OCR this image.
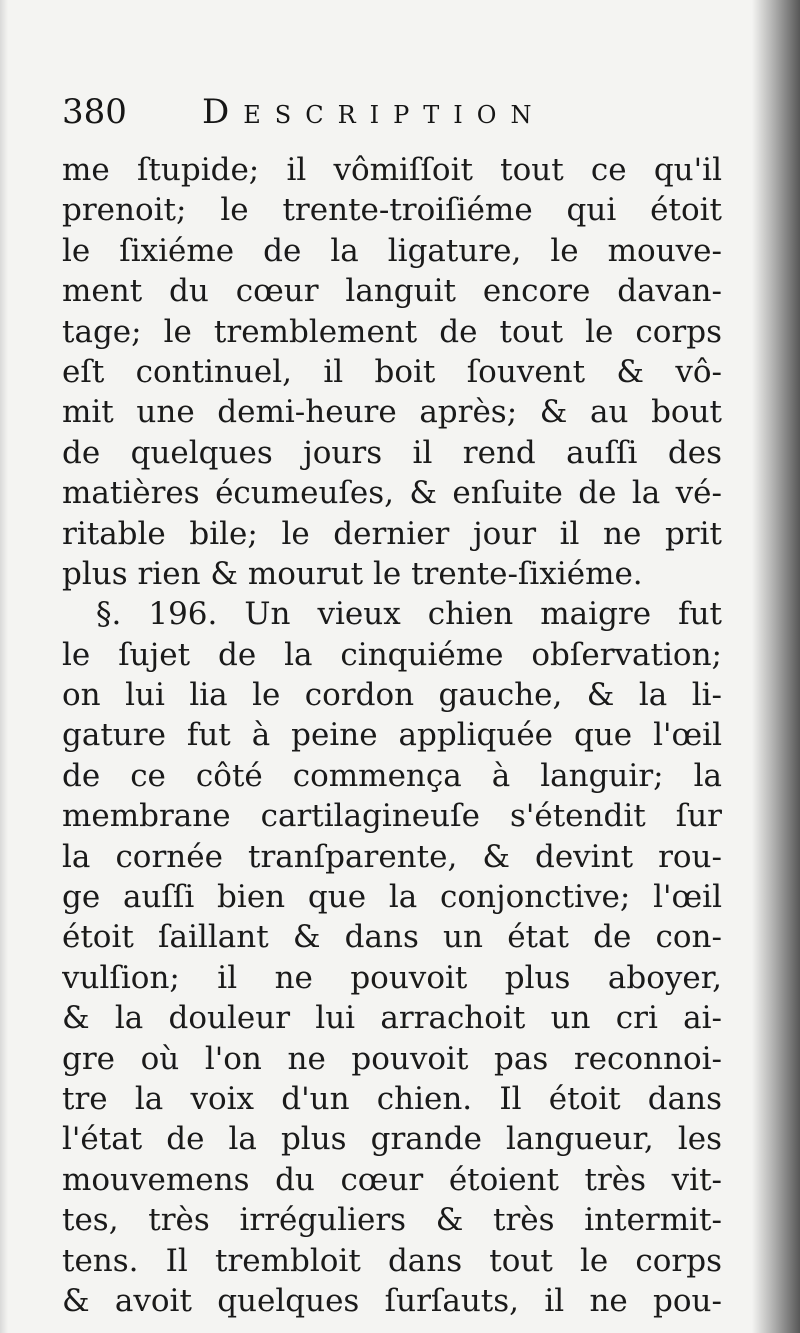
380 Description
me ſtupide; il vômiſſoit tout ce qu'il
prenoit; le trente-troiſiéme qui étoit
le ſixiéme de la ligature, le mouve-
ment du cœur languit encore davan-
tage; le tremblement de tout le corps
eſt continuel, il boit ſouvent & vô-
mit une demi-heure après; & au bout
de quelques jours il rend auſſi des
matières écumeuſes, & enſuite de la vé-
ritable bile; le dernier jour il ne prit
plus rien & mourut le trente-ſixiéme.
§. 196. Un vieux chien maigre fut
le ſujet de la cinquiéme obſervation;
on lui lia le cordon gauche, & la li-
gature fut à peine appliquée que l'œil
de ce côté commença à languir; la
membrane cartilagineuſe s'étendit ſur
la cornée tranſparente, & devint rou-
ge auſſi bien que la conjonctive; l'œil
étoit ſaillant & dans un état de con-
vulſion; il ne pouvoit plus aboyer,
& la douleur lui arrachoit un cri ai-
gre où l'on ne pouvoit pas reconnoi-
tre la voix d'un chien. Il étoit dans
l'état de la plus grande langueur, les
mouvemens du cœur étoient très vit-
tes, très irréguliers & très intermit-
tens. Il trembloit dans tout le corps
& avoit quelques ſurſauts, il ne pou-
